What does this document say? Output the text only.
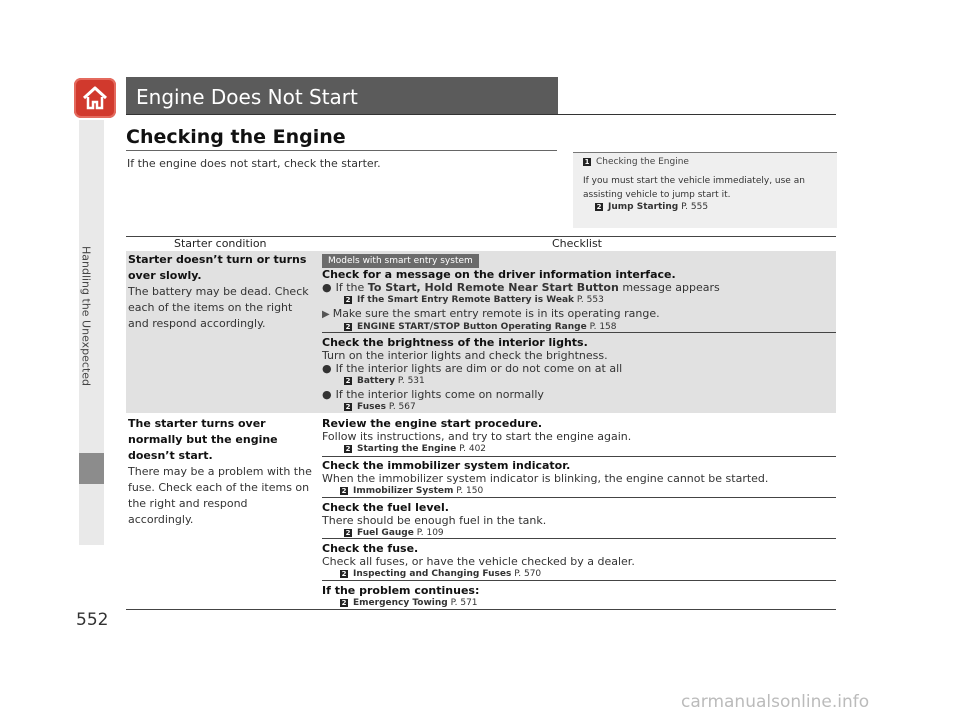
Handling the Unexpected
552
Engine Does Not Start
Checking the Engine
If the engine does not start, check the starter.	1 Checking the Engine
If you must start the vehicle immediately, use an assisting vehicle to jump start it.
2 Jump Starting P. 555
Starter condition	Checklist
Starter doesn’t turn or turns over slowly.
The battery may be dead. Check each of the items on the right and respond accordingly.
Models with smart entry system
Check for a message on the driver information interface.
● If the To Start, Hold Remote Near Start Button message appears

2 If the Smart Entry Remote Battery is Weak P. 553
▶ Make sure the smart entry remote is in its operating range.

2 ENGINE START/STOP Button Operating Range P. 158
Check the brightness of the interior lights.
Turn on the interior lights and check the brightness.
● If the interior lights are dim or do not come on at all

2 Battery P. 531
● If the interior lights come on normally

2 Fuses P. 567
The starter turns over normally but the engine doesn’t start.
There may be a problem with the fuse. Check each of the items on the right and respond accordingly.
Review the engine start procedure.
Follow its instructions, and try to start the engine again.

2 Starting the Engine P. 402
Check the immobilizer system indicator.
When the immobilizer system indicator is blinking, the engine cannot be started.

2 Immobilizer System P. 150
Check the fuel level.
There should be enough fuel in the tank.

2 Fuel Gauge P. 109
Check the fuse.
Check all fuses, or have the vehicle checked by a dealer.

2 Inspecting and Changing Fuses P. 570
If the problem continues:

2 Emergency Towing P. 571
carmanualsonline.info
